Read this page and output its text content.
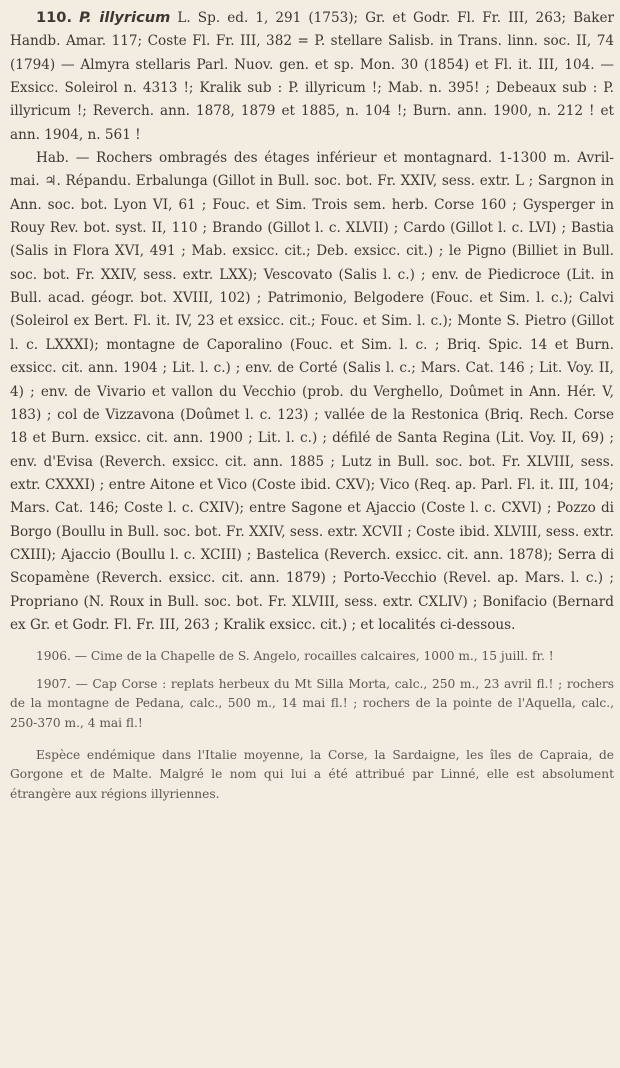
110. P. illyricum L. Sp. ed. 1, 291 (1753); Gr. et Godr. Fl. Fr. III, 263; Baker Handb. Amar. 117; Coste Fl. Fr. III, 382 = P. stellare Salisb. in Trans. linn. soc. II, 74 (1794) — Almyra stellaris Parl. Nuov. gen. et sp. Mon. 30 (1854) et Fl. it. III, 104. — Exsicc. Soleirol n. 4313 !; Kralik sub : P. illyricum !; Mab. n. 395! ; Debeaux sub : P. illyricum !; Reverch. ann. 1878, 1879 et 1885, n. 104 !; Burn. ann. 1900, n. 212 ! et ann. 1904, n. 561 !

Hab. — Rochers ombragés des étages inférieur et montagnard. 1-1300 m. Avril-mai. ♃. Répandu. Erbalunga (Gillot in Bull. soc. bot. Fr. XXIV, sess. extr. L ; Sargnon in Ann. soc. bot. Lyon VI, 61 ; Fouc. et Sim. Trois sem. herb. Corse 160 ; Gysperger in Rouy Rev. bot. syst. II, 110 ; Brando (Gillot l. c. XLVII) ; Cardo (Gillot l. c. LVI) ; Bastia (Salis in Flora XVI, 491 ; Mab. exsicc. cit.; Deb. exsicc. cit.) ; le Pigno (Billiet in Bull. soc. bot. Fr. XXIV, sess. extr. LXX); Vescovato (Salis l. c.) ; env. de Piedicroce (Lit. in Bull. acad. géogr. bot. XVIII, 102) ; Patrimonio, Belgodere (Fouc. et Sim. l. c.); Calvi (Soleirol ex Bert. Fl. it. IV, 23 et exsicc. cit.; Fouc. et Sim. l. c.); Monte S. Pietro (Gillot l. c. LXXXI); montagne de Caporalino (Fouc. et Sim. l. c. ; Briq. Spic. 14 et Burn. exsicc. cit. ann. 1904 ; Lit. l. c.) ; env. de Corté (Salis l. c.; Mars. Cat. 146 ; Lit. Voy. II, 4) ; env. de Vivario et vallon du Vecchio (prob. du Verghello, Doûmet in Ann. Hér. V, 183) ; col de Vizzavona (Doûmet l. c. 123) ; vallée de la Restonica (Briq. Rech. Corse 18 et Burn. exsicc. cit. ann. 1900 ; Lit. l. c.) ; défilé de Santa Regina (Lit. Voy. II, 69) ; env. d'Evisa (Reverch. exsicc. cit. ann. 1885 ; Lutz in Bull. soc. bot. Fr. XLVIII, sess. extr. CXXXI) ; entre Aitone et Vico (Coste ibid. CXV); Vico (Req. ap. Parl. Fl. it. III, 104; Mars. Cat. 146; Coste l. c. CXIV); entre Sagone et Ajaccio (Coste l. c. CXVI) ; Pozzo di Borgo (Boullu in Bull. soc. bot. Fr. XXIV, sess. extr. XCVII ; Coste ibid. XLVIII, sess. extr. CXIII); Ajaccio (Boullu l. c. XCIII) ; Bastelica (Reverch. exsicc. cit. ann. 1878); Serra di Scopamène (Reverch. exsicc. cit. ann. 1879) ; Porto-Vecchio (Revel. ap. Mars. l. c.) ; Propriano (N. Roux in Bull. soc. bot. Fr. XLVIII, sess. extr. CXLIV) ; Bonifacio (Bernard ex Gr. et Godr. Fl. Fr. III, 263 ; Kralik exsicc. cit.) ; et localités ci-dessous.

1906. — Cime de la Chapelle de S. Angelo, rocailles calcaires, 1000 m., 15 juill. fr. !

1907. — Cap Corse : replats herbeux du Mt Silla Morta, calc., 250 m., 23 avril fl.! ; rochers de la montagne de Pedana, calc., 500 m., 14 mai fl.! ; rochers de la pointe de l'Aquella, calc., 250-370 m., 4 mai fl.!

Espèce endémique dans l'Italie moyenne, la Corse, la Sardaigne, les îles de Capraia, de Gorgone et de Malte. Malgré le nom qui lui a été attribué par Linné, elle est absolument étrangère aux régions illyriennes.
